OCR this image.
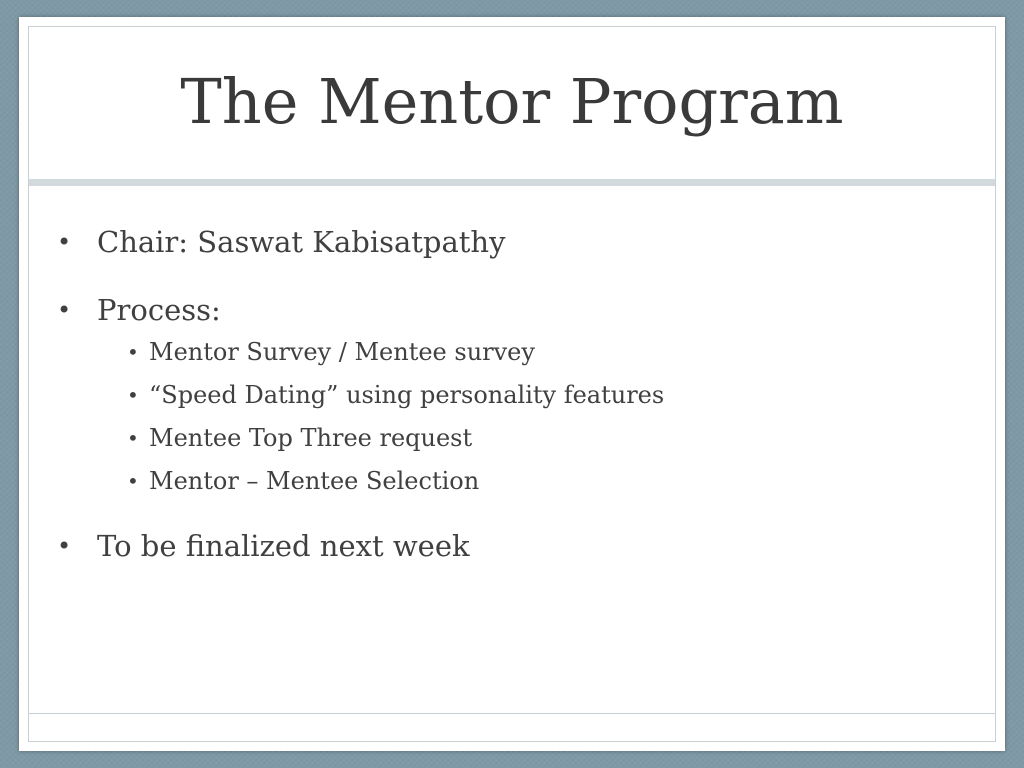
The Mentor Program
• Chair: Saswat Kabisatpathy
• Process:
• Mentor Survey / Mentee survey
• “Speed Dating” using personality features
• Mentee Top Three request
• Mentor – Mentee Selection
• To be finalized next week
